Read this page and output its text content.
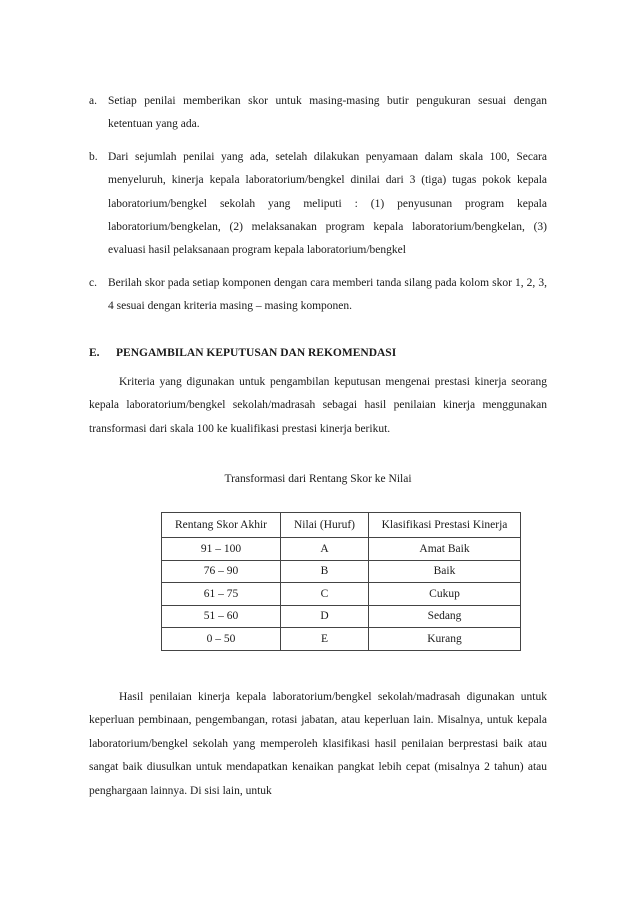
a. Setiap penilai memberikan skor untuk masing-masing butir pengukuran sesuai dengan ketentuan yang ada.
b. Dari sejumlah penilai yang ada, setelah dilakukan penyamaan dalam skala 100, Secara menyeluruh, kinerja kepala laboratorium/bengkel dinilai dari 3 (tiga) tugas pokok kepala laboratorium/bengkel sekolah yang meliputi : (1) penyusunan program kepala laboratorium/bengkelan, (2) melaksanakan program kepala laboratorium/bengkelan, (3) evaluasi hasil pelaksanaan program kepala laboratorium/bengkel
c. Berilah skor pada setiap komponen dengan cara memberi tanda silang pada kolom skor 1, 2, 3, 4 sesuai dengan kriteria masing – masing komponen.
E. PENGAMBILAN KEPUTUSAN DAN REKOMENDASI

Kriteria yang digunakan untuk pengambilan keputusan mengenai prestasi kinerja seorang kepala laboratorium/bengkel sekolah/madrasah sebagai hasil penilaian kinerja menggunakan transformasi dari skala 100 ke kualifikasi prestasi kinerja berikut.

Transformasi dari Rentang Skor ke Nilai

Rentang Skor Akhir	Nilai (Huruf)	Klasifikasi Prestasi Kinerja
91 – 100	A	Amat Baik
76 – 90	B	Baik
61 – 75	C	Cukup
51 – 60	D	Sedang
0 – 50	E	Kurang

Hasil penilaian kinerja kepala laboratorium/bengkel sekolah/madrasah digunakan untuk keperluan pembinaan, pengembangan, rotasi jabatan, atau keperluan lain. Misalnya, untuk kepala laboratorium/bengkel sekolah yang memperoleh klasifikasi hasil penilaian berprestasi baik atau sangat baik diusulkan untuk mendapatkan kenaikan pangkat lebih cepat (misalnya 2 tahun) atau penghargaan lainnya. Di sisi lain, untuk
